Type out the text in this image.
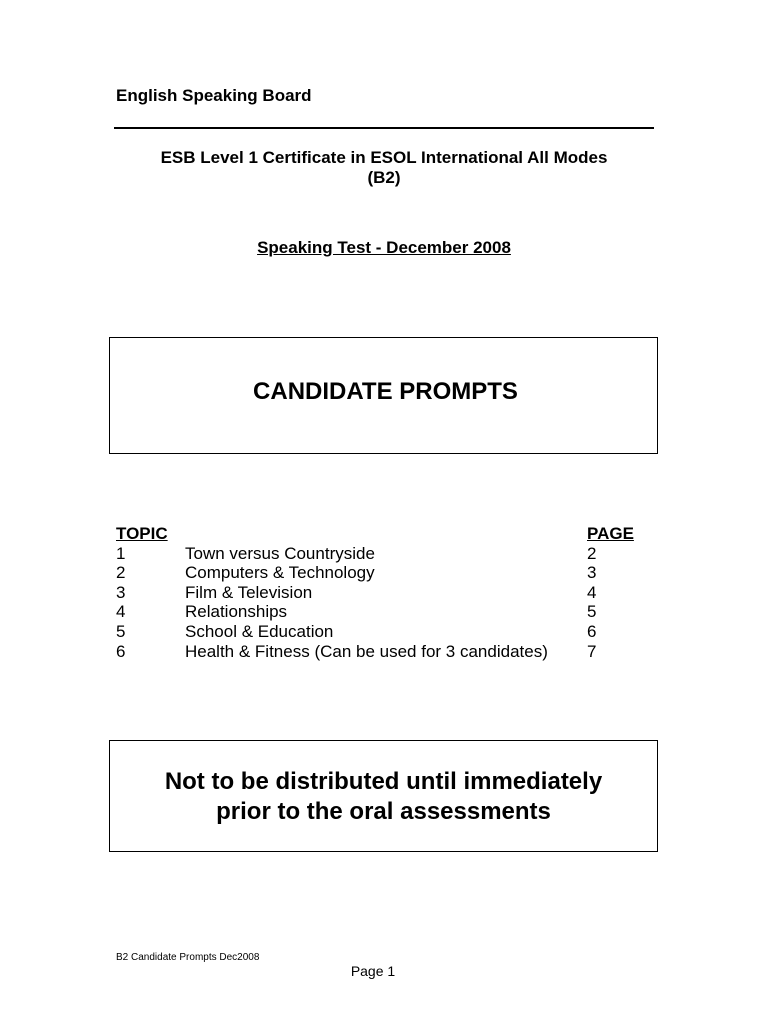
English Speaking Board
ESB Level 1 Certificate in ESOL International All Modes
(B2)
Speaking Test - December 2008
CANDIDATE PROMPTS
TOPIC	PAGE
1	Town versus Countryside	2
2	Computers & Technology	3
3	Film & Television	4
4	Relationships	5
5	School & Education	6
6	Health & Fitness (Can be used for 3 candidates) 7
Not to be distributed until immediately
prior to the oral assessments
B2 Candidate Prompts Dec2008
Page 1
